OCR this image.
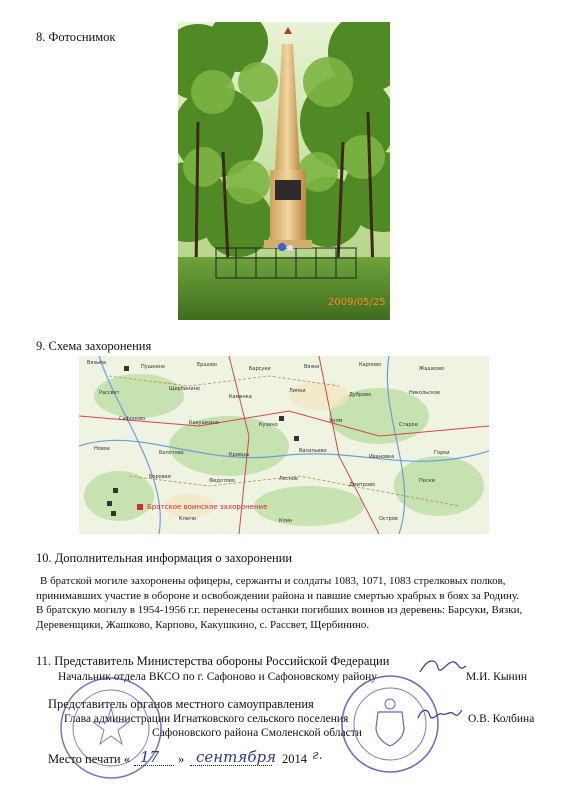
8. Фотоснимок
2009/05/25
9. Схема захоронения
Вязьма
Пушкино	Ершово
Барсуки	Вязки	Карпово
Жашково
Рассвет
Щербинино
Каменка
Липки
Дуброво	Никольское
Сафоново
Какушкино	Кузино
Холм
Старое
Новое
Болотово	Кривцы
Васильево
Ивановка
Горки
Боровая
Федотово	Лесное
Дмитрово
Пески
Ключи	Клин	Остров
Братское воинское захоронение
10. Дополнительная информация о захоронении

В братской могиле захоронены офицеры, сержанты и солдаты 1083, 1071, 1083 стрелковых полков,

принимавших участие в обороне и освобождении района и павшие смертью храбрых в боях за Родину.

В братскую могилу в 1954-1956 г.г. перенесены останки погибших воинов из деревень: Барсуки, Вязки,

Деревенщики, Жашково, Карпово, Какушкино, с. Рассвет, Щербинино.

11. Представитель Министерства обороны Российской Федерации
Начальник отдела ВКСО по г. Сафоново и Сафоновскому району	М.И. Кынин
Представитель органов местного самоуправления
Глава администрации Игнатковского сельского поселения
Сафоновского района Смоленской области
О.В. Колбина
Место печати « 17 » сентября 2014 г.
